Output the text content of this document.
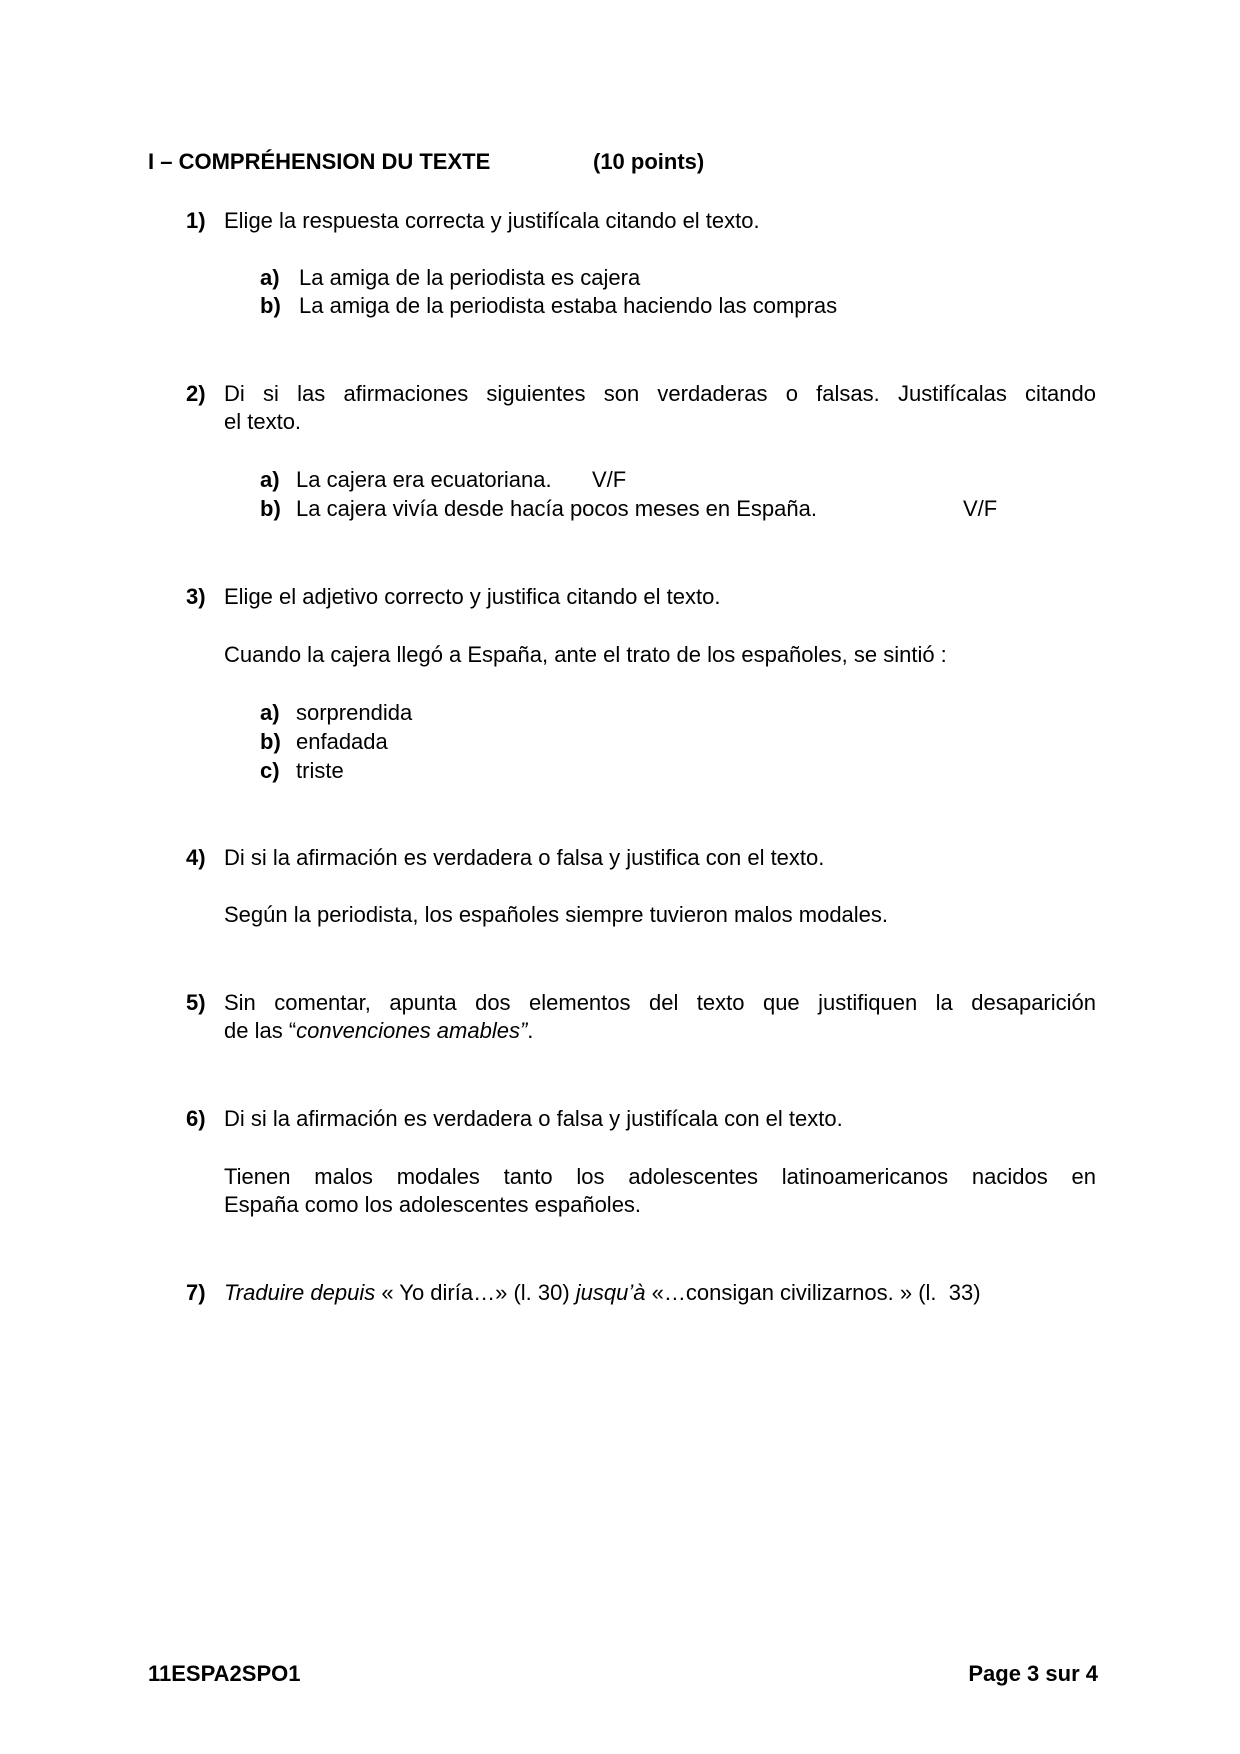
I – COMPRÉHENSION DU TEXTE	(10 points)
1) Elige la respuesta correcta y justifícala citando el texto.
a) La amiga de la periodista es cajera
b) La amiga de la periodista estaba haciendo las compras
2) Di si las afirmaciones siguientes son verdaderas o falsas. Justifícalas citando
el texto.
a) La cajera era ecuatoriana. V/F
b) La cajera vivía desde hacía pocos meses en España.	V/F
3) Elige el adjetivo correcto y justifica citando el texto.
Cuando la cajera llegó a España, ante el trato de los españoles, se sintió :
a) sorprendida
b) enfadada
c) triste
4) Di si la afirmación es verdadera o falsa y justifica con el texto.
Según la periodista, los españoles siempre tuvieron malos modales.
5) Sin comentar, apunta dos elementos del texto que justifiquen la desaparición
de las “convenciones amables”.
6) Di si la afirmación es verdadera o falsa y justifícala con el texto.
Tienen malos modales tanto los adolescentes latinoamericanos nacidos en
España como los adolescentes españoles.
7) Traduire depuis « Yo diría…» (l. 30) jusqu’à «…consigan civilizarnos. » (l.  33)
11ESPA2SPO1	Page 3 sur 4
